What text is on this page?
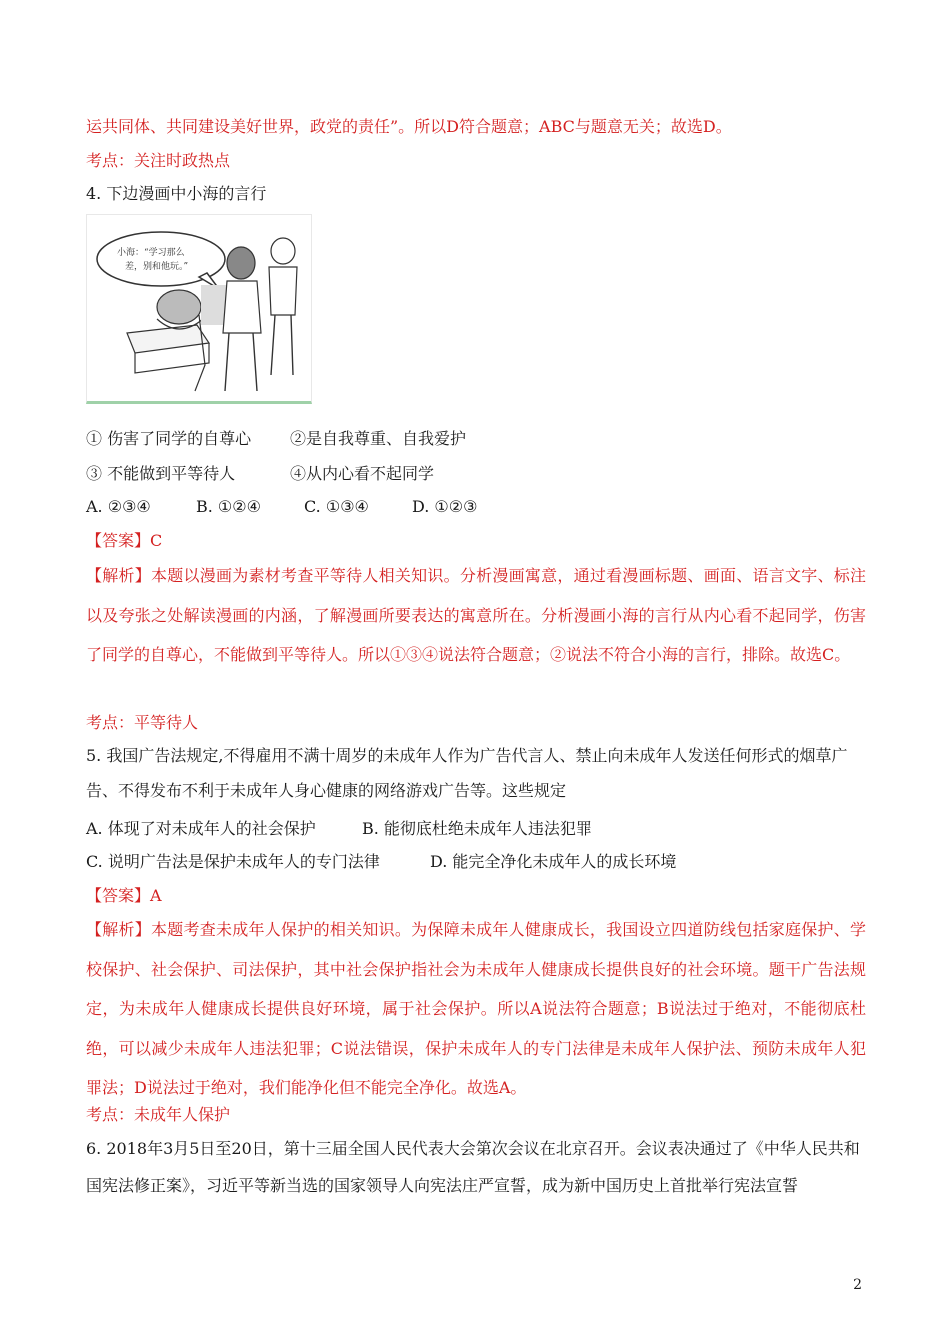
运共同体、共同建设美好世界，政党的责任”。所以D符合题意；ABC与题意无关；故选D。
考点：关注时政热点
4. 下边漫画中小海的言行
小海：“学习那么
差，别和他玩。”
① 伤害了同学的自尊心 ②是自我尊重、自我爱护
③ 不能做到平等待人	④从内心看不起同学
A. ②③④	B. ①②④	C. ①③④	D. ①②③
【答案】C
【解析】本题以漫画为素材考查平等待人相关知识。分析漫画寓意，通过看漫画标题、画面、语言文字、标注以及夸张之处解读漫画的内涵，了解漫画所要表达的寓意所在。分析漫画小海的言行从内心看不起同学，伤害了同学的自尊心，不能做到平等待人。所以①③④说法符合题意；②说法不符合小海的言行，排除。故选C。
考点：平等待人
5. 我国广告法规定,不得雇用不满十周岁的未成年人作为广告代言人、禁止向未成年人发送任何形式的烟草广告、不得发布不利于未成年人身心健康的网络游戏广告等。这些规定
A. 体现了对未成年人的社会保护	B. 能彻底杜绝未成年人违法犯罪
C. 说明广告法是保护未成年人的专门法律	D. 能完全净化未成年人的成长环境
【答案】A
【解析】本题考查未成年人保护的相关知识。为保障未成年人健康成长，我国设立四道防线包括家庭保护、学校保护、社会保护、司法保护，其中社会保护指社会为未成年人健康成长提供良好的社会环境。题干广告法规定，为未成年人健康成长提供良好环境，属于社会保护。所以A说法符合题意；B说法过于绝对，不能彻底杜绝，可以减少未成年人违法犯罪；C说法错误，保护未成年人的专门法律是未成年人保护法、预防未成年人犯罪法；D说法过于绝对，我们能净化但不能完全净化。故选A。
考点：未成年人保护
6. 2018年3月5日至20日，第十三届全国人民代表大会第次会议在北京召开。会议表决通过了《中华人民共和国宪法修正案》，习近平等新当选的国家领导人向宪法庄严宣誓，成为新中国历史上首批举行宪法宣誓
2
